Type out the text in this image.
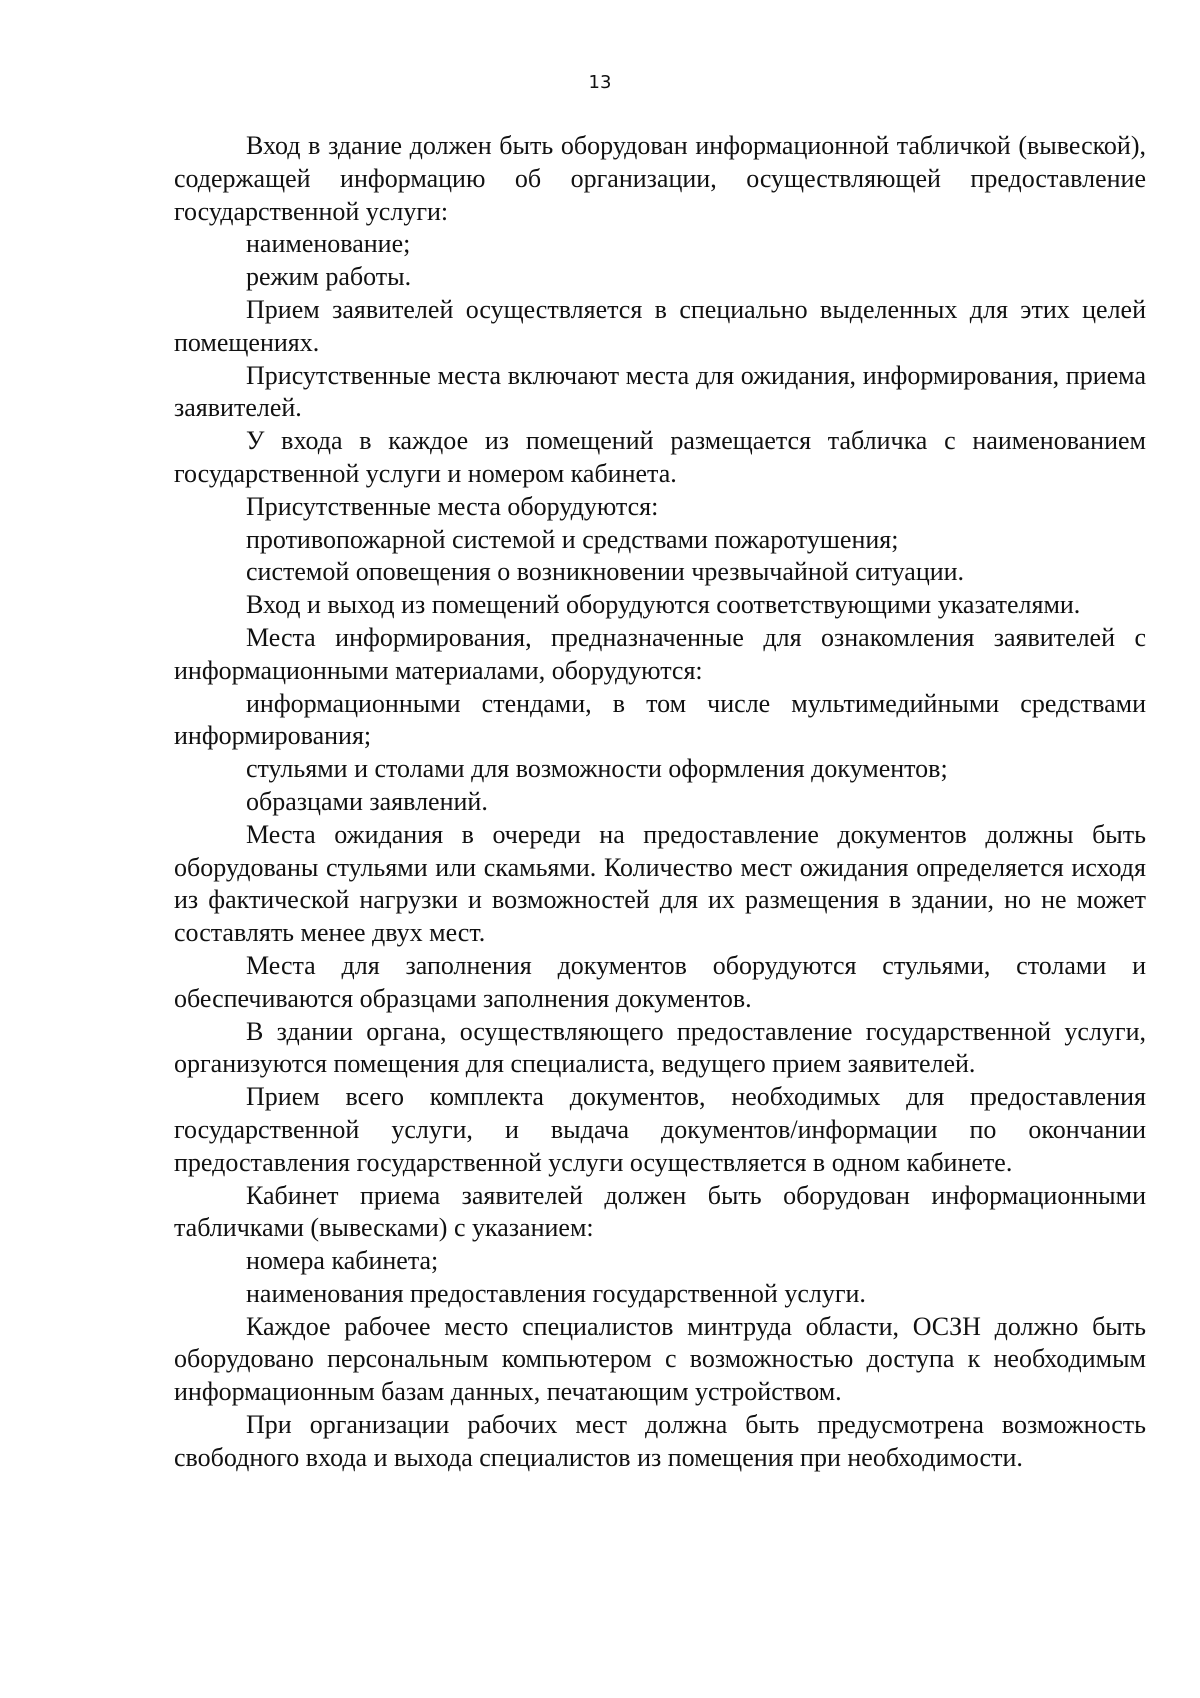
13

Вход в здание должен быть оборудован информационной табличкой (вывеской), содержащей информацию об организации, осуществляющей предоставление государственной услуги:

наименование;

режим работы.

Прием заявителей осуществляется в специально выделенных для этих целей помещениях.

Присутственные места включают места для ожидания, информирования, приема заявителей.

У входа в каждое из помещений размещается табличка с наименованием государственной услуги и номером кабинета.

Присутственные места оборудуются:

противопожарной системой и средствами пожаротушения;

системой оповещения о возникновении чрезвычайной ситуации.

Вход и выход из помещений оборудуются соответствующими указателями.

Места информирования, предназначенные для ознакомления заявителей с информационными материалами, оборудуются:

информационными стендами, в том числе мультимедийными средствами информирования;

стульями и столами для возможности оформления документов;

образцами заявлений.

Места ожидания в очереди на предоставление документов должны быть оборудованы стульями или скамьями. Количество мест ожидания определяется исходя из фактической нагрузки и возможностей для их размещения в здании, но не может составлять менее двух мест.

Места для заполнения документов оборудуются стульями, столами и обеспечиваются образцами заполнения документов.

В здании органа, осуществляющего предоставление государственной услуги, организуются помещения для специалиста, ведущего прием заявителей.

Прием всего комплекта документов, необходимых для предоставления государственной услуги, и выдача документов/информации по окончании предоставления государственной услуги осуществляется в одном кабинете.

Кабинет приема заявителей должен быть оборудован информационными табличками (вывесками) с указанием:

номера кабинета;

наименования предоставления государственной услуги.

Каждое рабочее место специалистов минтруда области, ОСЗН должно быть оборудовано персональным компьютером с возможностью доступа к необходимым информационным базам данных, печатающим устройством.

При организации рабочих мест должна быть предусмотрена возможность свободного входа и выхода специалистов из помещения при необходимости.
